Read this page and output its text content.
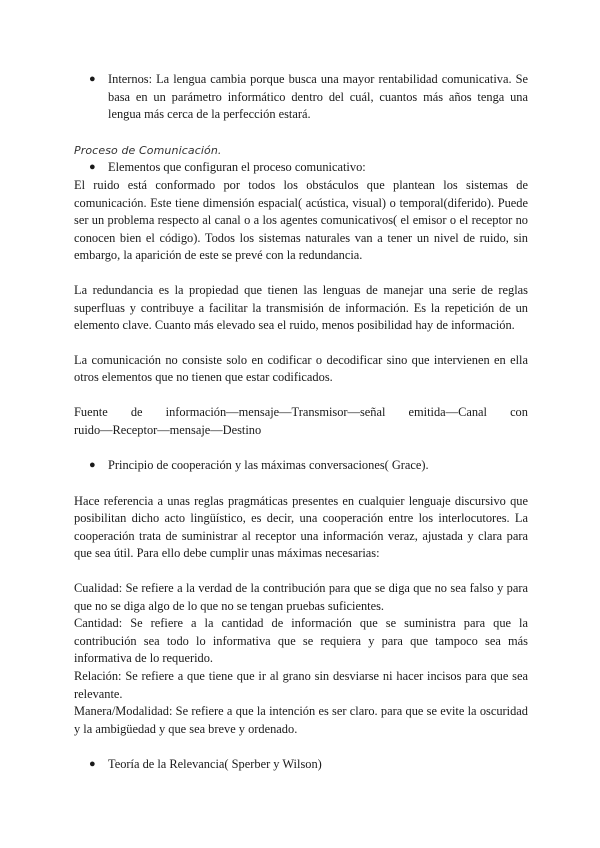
● Internos: La lengua cambia porque busca una mayor rentabilidad comunicativa. Se basa en un parámetro informático dentro del cuál, cuantos más años tenga una lengua más cerca de la perfección estará.

Proceso de Comunicación.

● Elementos que configuran el proceso comunicativo:

El ruido está conformado por todos los obstáculos que plantean los sistemas de comunicación. Este tiene dimensión espacial( acústica, visual) o temporal(diferido). Puede ser un problema respecto al canal o a los agentes comunicativos( el emisor o el receptor no conocen bien el código). Todos los sistemas naturales van a tener un nivel de ruido, sin embargo, la aparición de este se prevé con la redundancia.

La redundancia es la propiedad que tienen las lenguas de manejar una serie de reglas superfluas y contribuye a facilitar la transmisión de información. Es la repetición de un elemento clave. Cuanto más elevado sea el ruido, menos posibilidad hay de información.

La comunicación no consiste solo en codificar o decodificar sino que intervienen en ella otros elementos que no tienen que estar codificados.

Fuente de información—mensaje—Transmisor—señal emitida—Canal con

ruido—Receptor—mensaje—Destino

● Principio de cooperación y las máximas conversaciones( Grace).

Hace referencia a unas reglas pragmáticas presentes en cualquier lenguaje discursivo que posibilitan dicho acto lingüístico, es decir, una cooperación entre los interlocutores. La cooperación trata de suministrar al receptor una información veraz, ajustada y clara para que sea útil. Para ello debe cumplir unas máximas necesarias:

Cualidad: Se refiere a la verdad de la contribución para que se diga que no sea falso y para que no se diga algo de lo que no se tengan pruebas suficientes.

Cantidad: Se refiere a la cantidad de información que se suministra para que la contribución sea todo lo informativa que se requiera y para que tampoco sea más informativa de lo requerido.

Relación: Se refiere a que tiene que ir al grano sin desviarse ni hacer incisos para que sea relevante.

Manera/Modalidad: Se refiere a que la intención es ser claro. para que se evite la oscuridad y la ambigüedad y que sea breve y ordenado.

● Teoría de la Relevancia( Sperber y Wilson)
